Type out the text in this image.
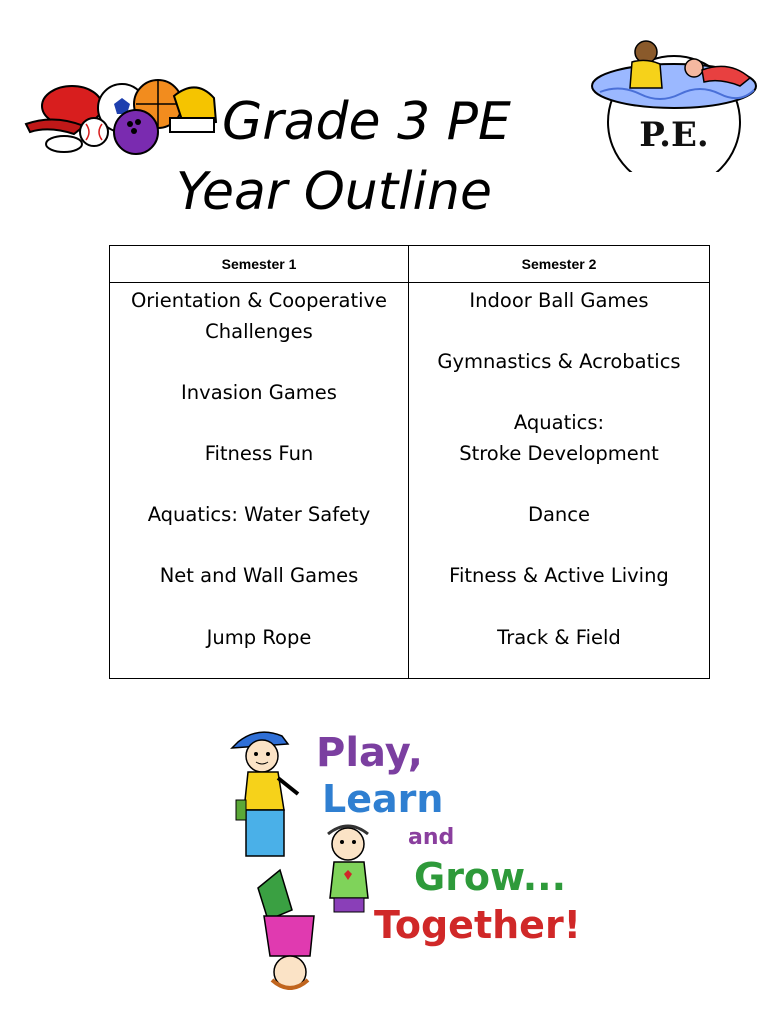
Grade 3 PE
Year Outline
P.E.
Semester 1	Semester 2
Orientation & Cooperative
Challenges
Invasion Games
Fitness Fun
Aquatics: Water Safety
Net and Wall Games
Jump Rope
Indoor Ball Games
Gymnastics & Acrobatics
Aquatics:
Stroke Development
Dance
Fitness & Active Living
Track & Field
Play,
Learn
and
Grow...
Together!
